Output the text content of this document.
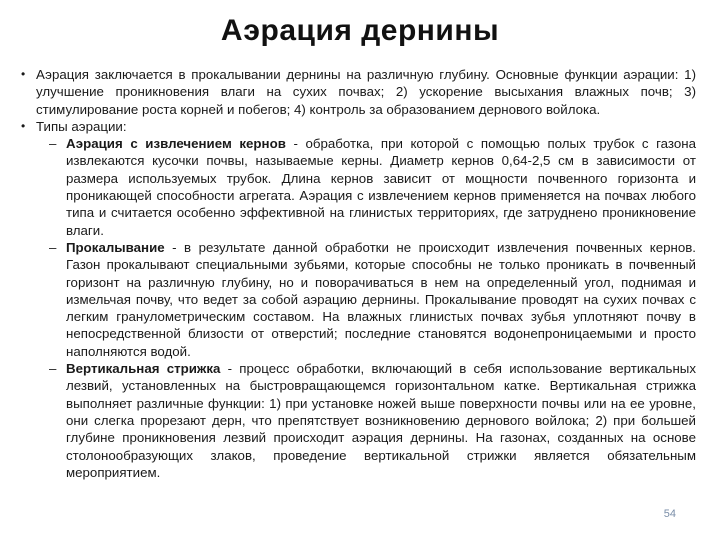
Аэрация дернины

• Аэрация заключается в прокалывании дернины на различную глубину. Основные функции аэрации: 1) улучшение проникновения влаги на сухих почвах; 2) ускорение высыхания влажных почв; 3) стимулирование роста корней и побегов; 4) контроль за образованием дернового войлока.

• Типы аэрации:

– Аэрация с извлечением кернов - обработка, при которой с помощью полых трубок с газона извлекаются кусочки почвы, называемые керны. Диаметр кернов 0,64-2,5 см в зависимости от размера используемых трубок. Длина кернов зависит от мощности почвенного горизонта и проникающей способности агрегата. Аэрация с извлечением кернов применяется на почвах любого типа и считается особенно эффективной на глинистых территориях, где затруднено проникновение влаги.

– Прокалывание - в результате данной обработки не происходит извлечения почвенных кернов. Газон прокалывают специальными зубьями, которые способны не только проникать в почвенный горизонт на различную глубину, но и поворачиваться в нем на определенный угол, поднимая и измельчая почву, что ведет за собой аэрацию дернины. Прокалывание проводят на сухих почвах с легким гранулометрическим составом. На влажных глинистых почвах зубья уплотняют почву в непосредственной близости от отверстий; последние становятся водонепроницаемыми и просто наполняются водой.

– Вертикальная стрижка - процесс обработки, включающий в себя использование вертикальных лезвий, установленных на быстровращающемся горизонтальном катке. Вертикальная стрижка выполняет различные функции: 1) при установке ножей выше поверхности почвы или на ее уровне, они слегка прорезают дерн, что препятствует возникновению дернового войлока; 2) при большей глубине проникновения лезвий происходит аэрация дернины. На газонах, созданных на основе столонообразующих злаков, проведение вертикальной стрижки является обязательным мероприятием.

54
